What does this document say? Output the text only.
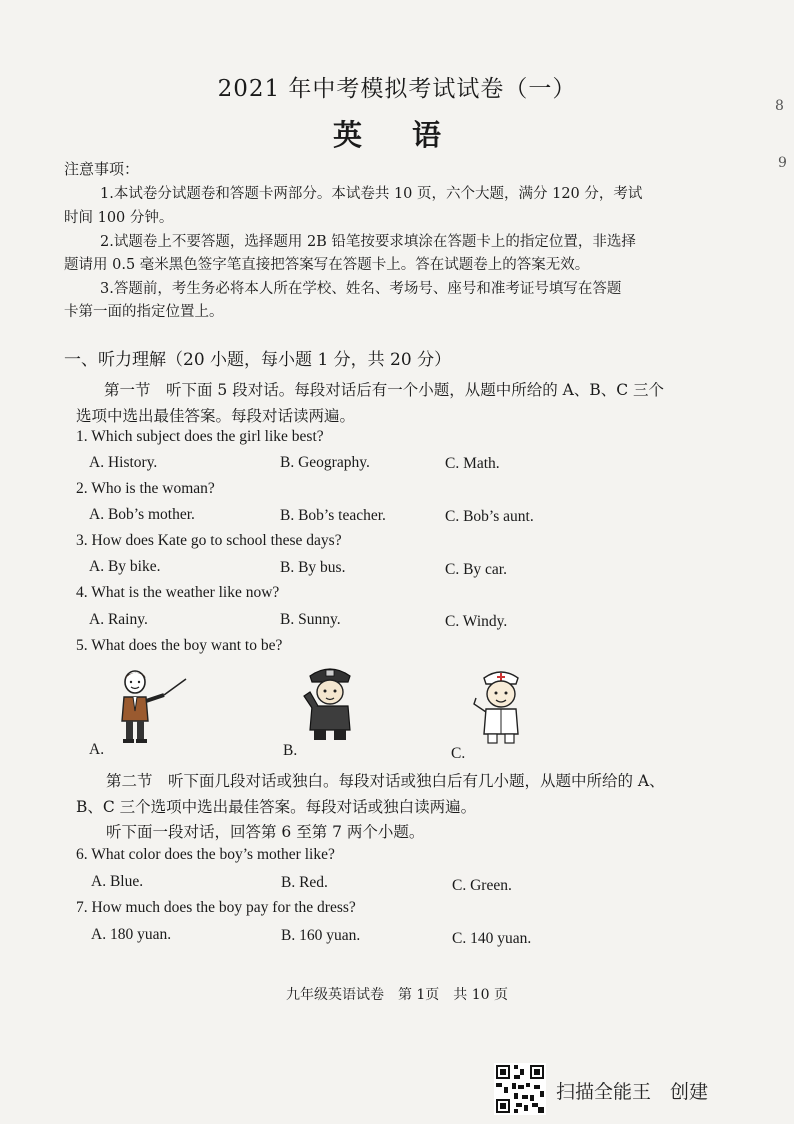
2021 年中考模拟考试试卷（一）
英 语
8
9
注意事项：
1.本试卷分试题卷和答题卡两部分。本试卷共 10 页，六个大题，满分 120 分，考试
时间 100 分钟。
2.试题卷上不要答题，选择题用 2B 铅笔按要求填涂在答题卡上的指定位置，非选择
题请用 0.5 毫米黑色签字笔直接把答案写在答题卡上。答在试题卷上的答案无效。
3.答题前，考生务必将本人所在学校、姓名、考场号、座号和准考证号填写在答题
卡第一面的指定位置上。
一、听力理解（20 小题，每小题 1 分，共 20 分）
第一节　听下面 5 段对话。每段对话后有一个小题，从题中所给的 A、B、C 三个
选项中选出最佳答案。每段对话读两遍。
1. Which subject does the girl like best?
A. History.	B. Geography.	C. Math.
2. Who is the woman?
A. Bob’s mother.	B. Bob’s teacher.	C. Bob’s aunt.
3. How does Kate go to school these days?
A. By bike.	B. By bus.	C. By car.
4. What is the weather like now?
A. Rainy.	B. Sunny.	C. Windy.
5. What does the boy want to be?
A.	B.	C.
第二节　听下面几段对话或独白。每段对话或独白后有几小题，从题中所给的 A、
B、C 三个选项中选出最佳答案。每段对话或独白读两遍。
听下面一段对话，回答第 6 至第 7 两个小题。
6. What color does the boy’s mother like?
A. Blue.	B. Red.	C. Green.
7. How much does the boy pay for the dress?
A. 180 yuan.	B. 160 yuan.	C. 140 yuan.
九年级英语试卷　第 1页　共 10 页
扫描全能王　创建
